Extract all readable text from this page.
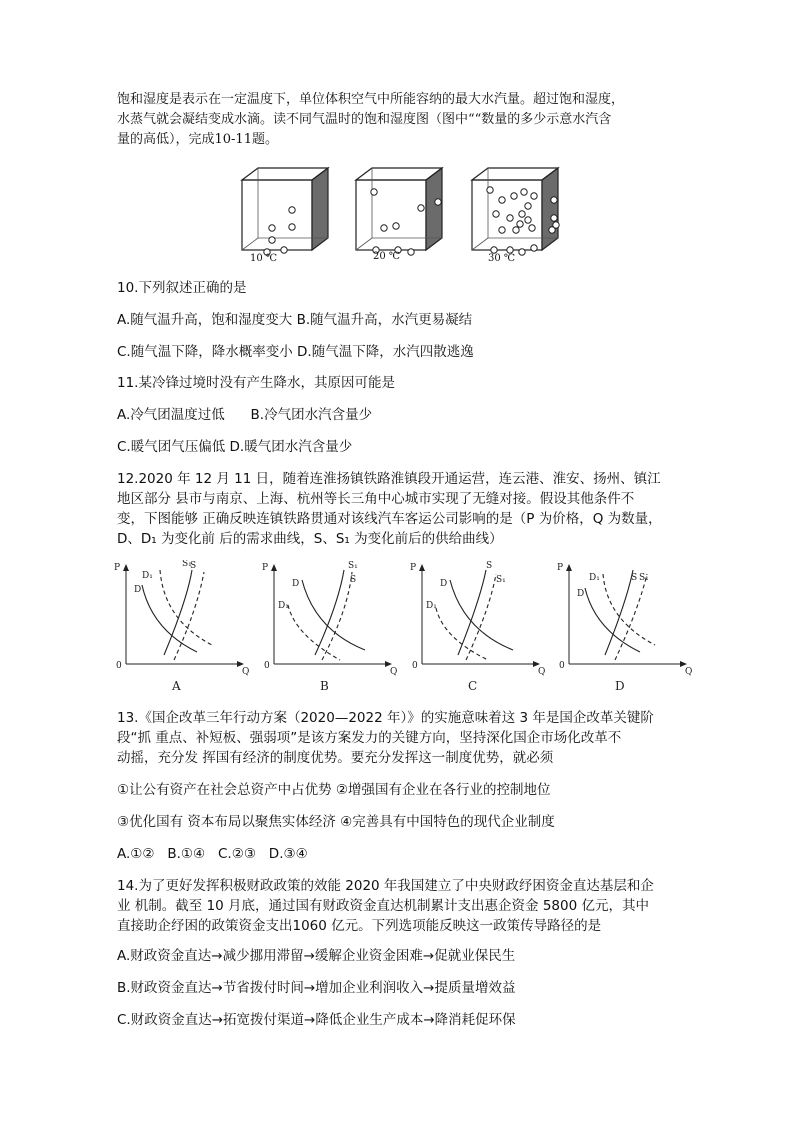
饱和湿度是表示在一定温度下，单位体积空气中所能容纳的最大水汽量。超过饱和湿度，
水蒸气就会凝结变成水滴。读不同气温时的饱和湿度图（图中““数量的多少示意水汽含
量的高低），完成10-11题。
10 ℃	20 ℃	30 ℃
10.下列叙述正确的是
A.随气温升高，饱和湿度变大 B.随气温升高，水汽更易凝结
C.随气温下降，降水概率变小 D.随气温下降，水汽四散逃逸
11.某冷锋过境时没有产生降水，其原因可能是
A.冷气团温度过低      B.冷气团水汽含量少
C.暖气团气压偏低 D.暖气团水汽含量少
12.2020 年 12 月 11 日，随着连淮扬镇铁路淮镇段开通运营，连云港、淮安、扬州、镇江
地区部分 县市与南京、上海、杭州等长三角中心城市实现了无缝对接。假设其他条件不
变，下图能够 正确反映连镇铁路贯通对该线汽车客运公司影响的是（P 为价格，Q 为数量，
D、D₁ 为变化前 后的需求曲线，S、S₁ 为变化前后的供给曲线）
P
Q
0
D
D₁
S
S₁
A
P
Q
0
D
D₁
S
S₁
B
P
Q
0
D
D₁
S
S₁
C
P
Q
0
D
D₁	S S₁
D
13.《国企改革三年行动方案（2020—2022 年）》的实施意味着这 3 年是国企改革关键阶
段“抓 重点、补短板、强弱项”是该方案发力的关键方向，坚持深化国企市场化改革不
动摇，充分发 挥国有经济的制度优势。要充分发挥这一制度优势，就必须
①让公有资产在社会总资产中占优势 ②增强国有企业在各行业的控制地位
③优化国有 资本布局以聚焦实体经济 ④完善具有中国特色的现代企业制度
A.①②   B.①④   C.②③   D.③④
14.为了更好发挥积极财政政策的效能 2020 年我国建立了中央财政纾困资金直达基层和企
业 机制。截至 10 月底，通过国有财政资金直达机制累计支出惠企资金 5800 亿元，其中
直接助企纾困的政策资金支出1060 亿元。下列选项能反映这一政策传导路径的是
A.财政资金直达→减少挪用滞留→缓解企业资金困难→促就业保民生
B.财政资金直达→节省拨付时间→增加企业利润收入→提质量增效益
C.财政资金直达→拓宽拨付渠道→降低企业生产成本→降消耗促环保
